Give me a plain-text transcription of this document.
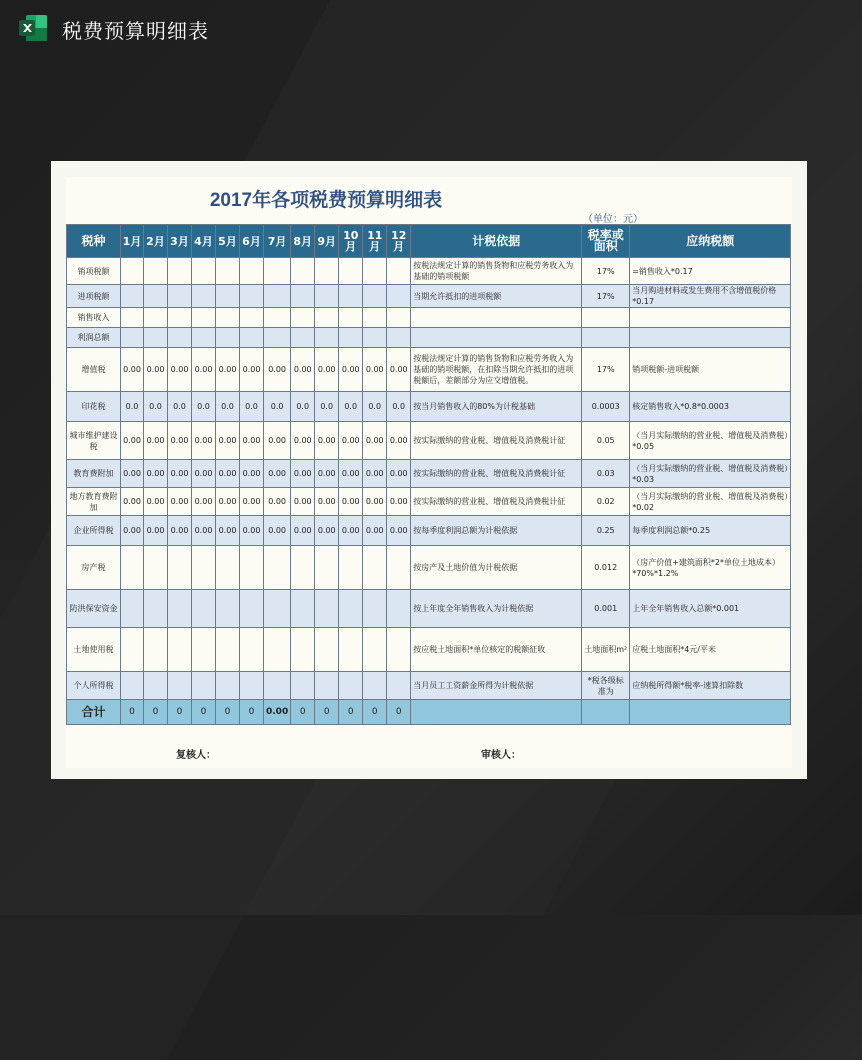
税费预算明细表
2017年各项税费预算明细表
（单位：元）
税种	1月	2月	3月	4月	5月	6月	7月	8月	9月	10月	11月	12月	计税依据	税率或面积	应纳税额
销项税额													按税法规定计算的销售货物和应税劳务收入为基础的销项税额	17%	=销售收入*0.17
进项税额													当期允许抵扣的进项税额	17%	当月购进材料或发生费用不含增值税价格 *0.17
销售收入															
利润总额															
增值税	0.00	0.00	0.00	0.00	0.00	0.00	0.00	0.00	0.00	0.00	0.00	0.00	按税法规定计算的销售货物和应税劳务收入为基础的销项税额，在扣除当期允许抵扣的进项税额后，差额部分为应交增值税。	17%	销项税额-进项税额
印花税	0.0	0.0	0.0	0.0	0.0	0.0	0.0	0.0	0.0	0.0	0.0	0.0	按当月销售收入的80%为计税基础	0.0003	核定销售收入*0.8*0.0003
城市维护建设税	0.00	0.00	0.00	0.00	0.00	0.00	0.00	0.00	0.00	0.00	0.00	0.00	按实际缴纳的营业税、增值税及消费税计征	0.05	（当月实际缴纳的营业税、增值税及消费税）*0.05
教育费附加	0.00	0.00	0.00	0.00	0.00	0.00	0.00	0.00	0.00	0.00	0.00	0.00	按实际缴纳的营业税、增值税及消费税计征	0.03	（当月实际缴纳的营业税、增值税及消费税）*0.03
地方教育费附加	0.00	0.00	0.00	0.00	0.00	0.00	0.00	0.00	0.00	0.00	0.00	0.00	按实际缴纳的营业税、增值税及消费税计征	0.02	（当月实际缴纳的营业税、增值税及消费税）*0.02
企业所得税	0.00	0.00	0.00	0.00	0.00	0.00	0.00	0.00	0.00	0.00	0.00	0.00	按每季度利润总额为计税依据	0.25	每季度利润总额*0.25
房产税													按房产及土地价值为计税依据	0.012	（房产价值+建筑面积*2*单位土地成本）*70%*1.2%
防洪保安资金													按上年度全年销售收入为计税依据	0.001	上年全年销售收入总额*0.001
土地使用税													按应税土地面积*单位核定的税额征收	土地面积m²	应税土地面积*4元/平米
个人所得税													当月员工工资薪金所得为计税依据	*税各级标准为	应纳税所得额*税率-速算扣除数
合计	0	0	0	0	0	0	0.00	0	0	0	0	0			
复核人：	审核人：
